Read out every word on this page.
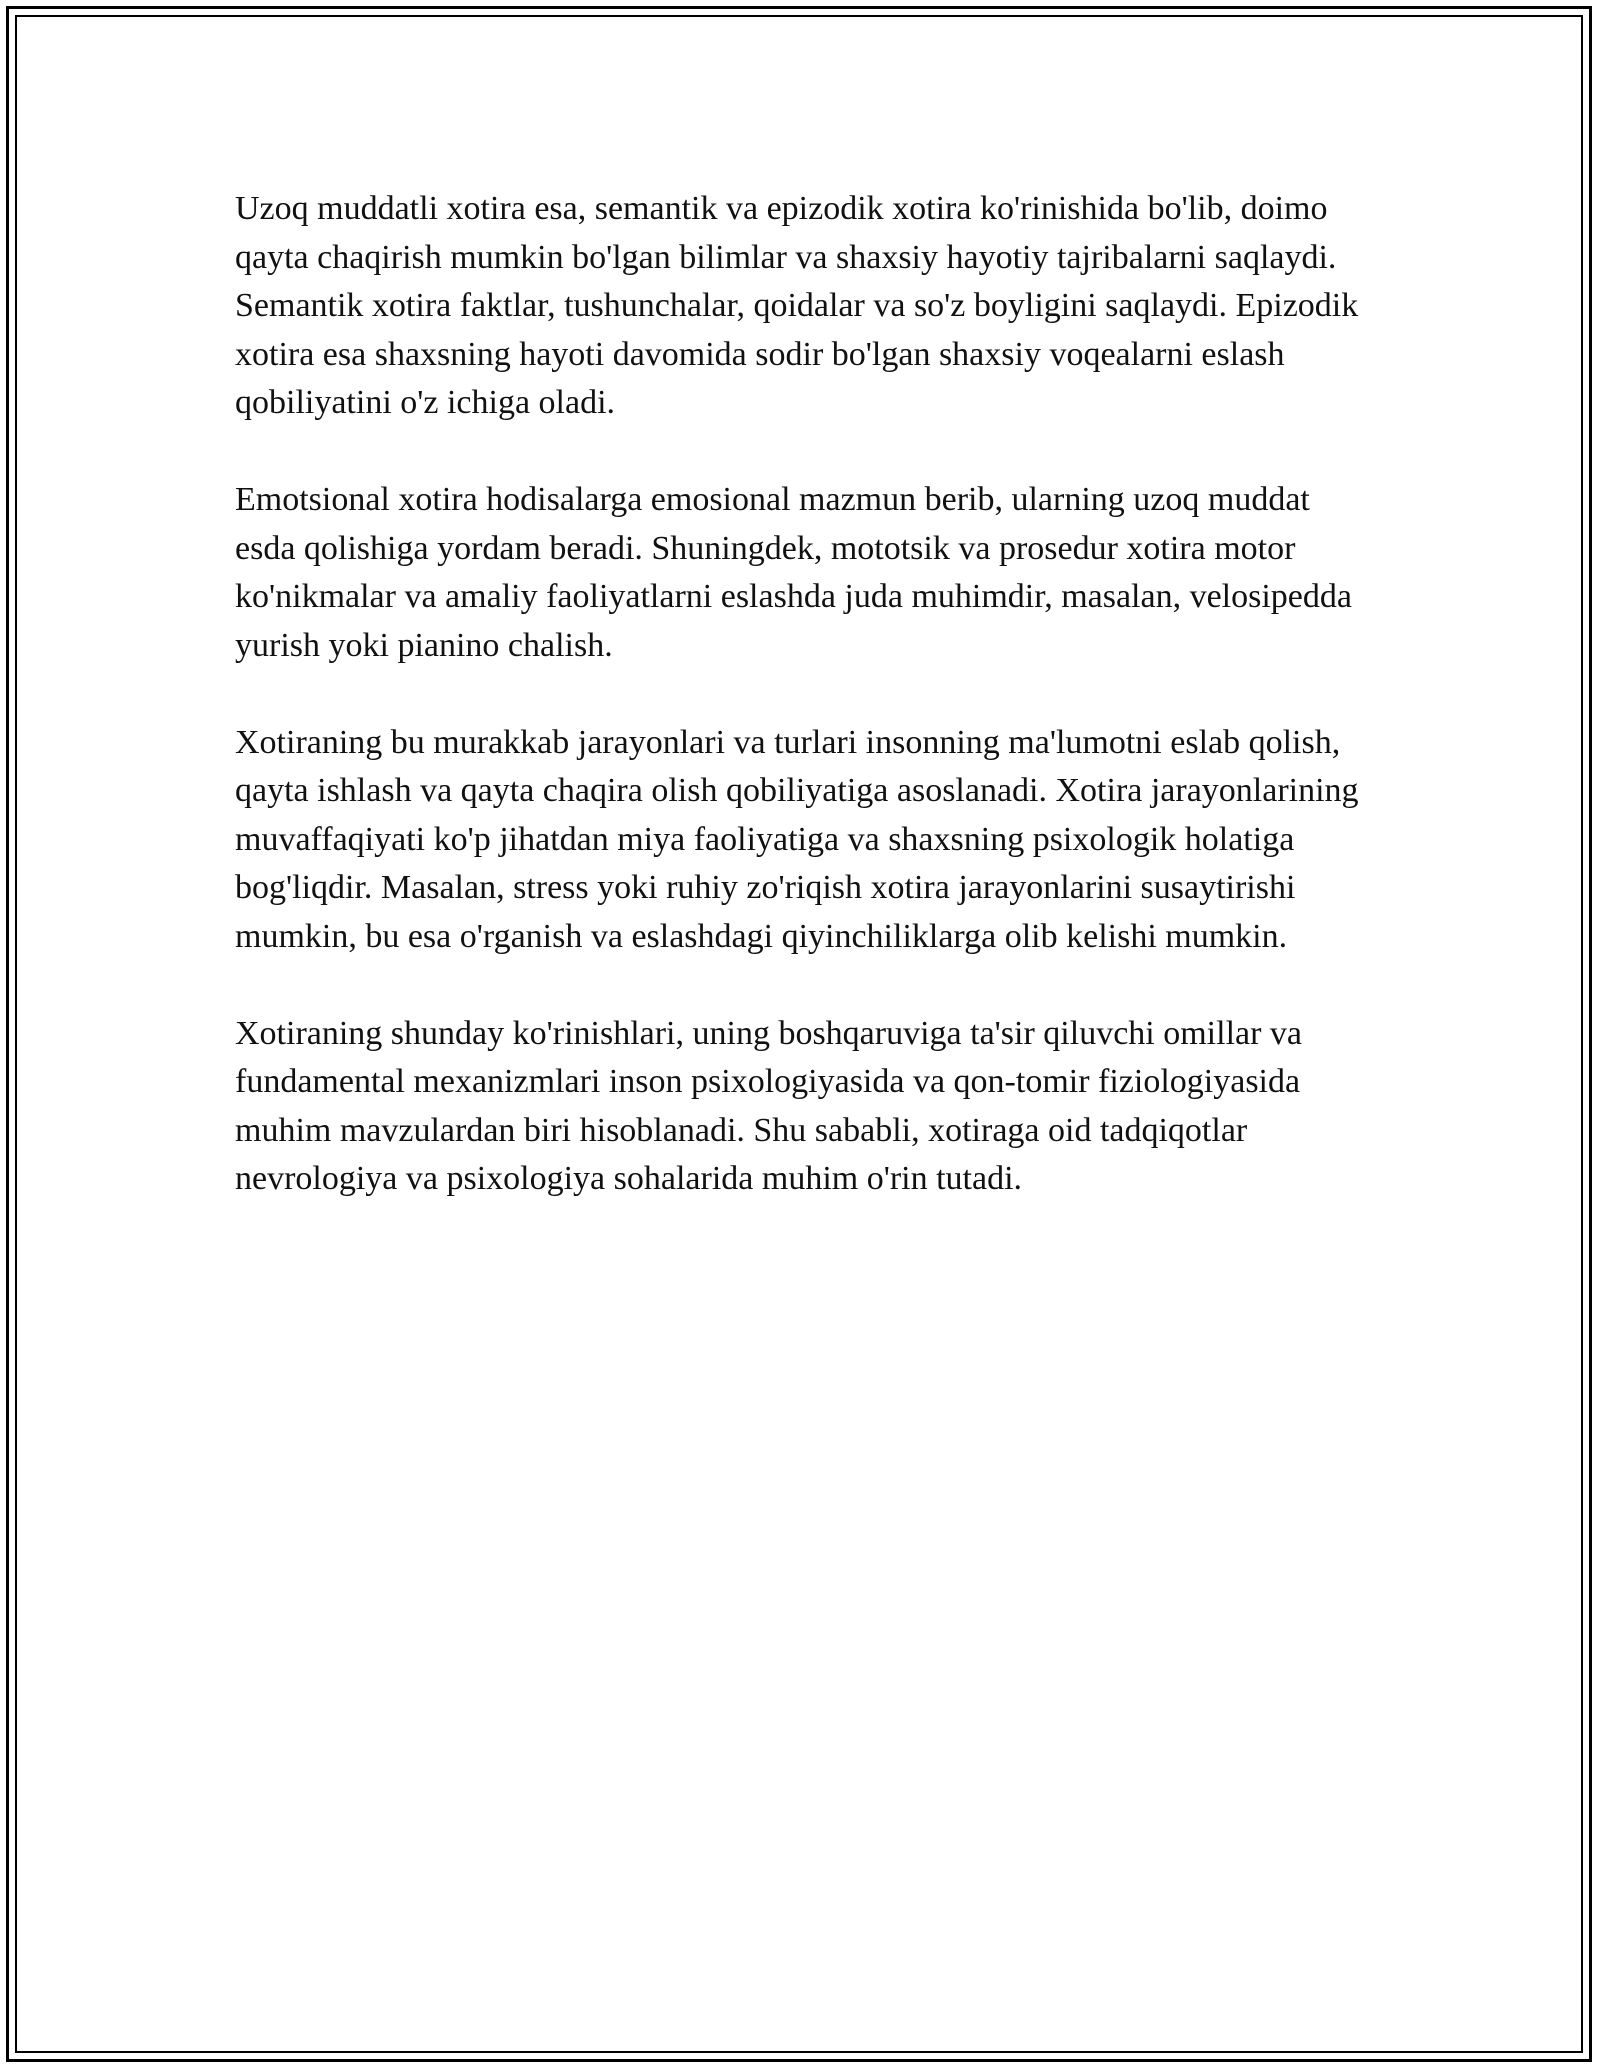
Uzoq muddatli xotira esa, semantik va epizodik xotira ko'rinishida bo'lib, doimo qayta chaqirish mumkin bo'lgan bilimlar va shaxsiy hayotiy tajribalarni saqlaydi. Semantik xotira faktlar, tushunchalar, qoidalar va so'z boyligini saqlaydi. Epizodik xotira esa shaxsning hayoti davomida sodir bo'lgan shaxsiy voqealarni eslash qobiliyatini o'z ichiga oladi.

Emotsional xotira hodisalarga emosional mazmun berib, ularning uzoq muddat esda qolishiga yordam beradi. Shuningdek, mototsik va prosedur xotira motor ko'nikmalar va amaliy faoliyatlarni eslashda juda muhimdir, masalan, velosipedda yurish yoki pianino chalish.

Xotiraning bu murakkab jarayonlari va turlari insonning ma'lumotni eslab qolish, qayta ishlash va qayta chaqira olish qobiliyatiga asoslanadi. Xotira jarayonlarining muvaffaqiyati ko'p jihatdan miya faoliyatiga va shaxsning psixologik holatiga bog'liqdir. Masalan, stress yoki ruhiy zo'riqish xotira jarayonlarini susaytirishi mumkin, bu esa o'rganish va eslashdagi qiyinchiliklarga olib kelishi mumkin.

Xotiraning shunday ko'rinishlari, uning boshqaruviga ta'sir qiluvchi omillar va fundamental mexanizmlari inson psixologiyasida va qon-tomir fiziologiyasida muhim mavzulardan biri hisoblanadi. Shu sababli, xotiraga oid tadqiqotlar nevrologiya va psixologiya sohalarida muhim o'rin tutadi.
